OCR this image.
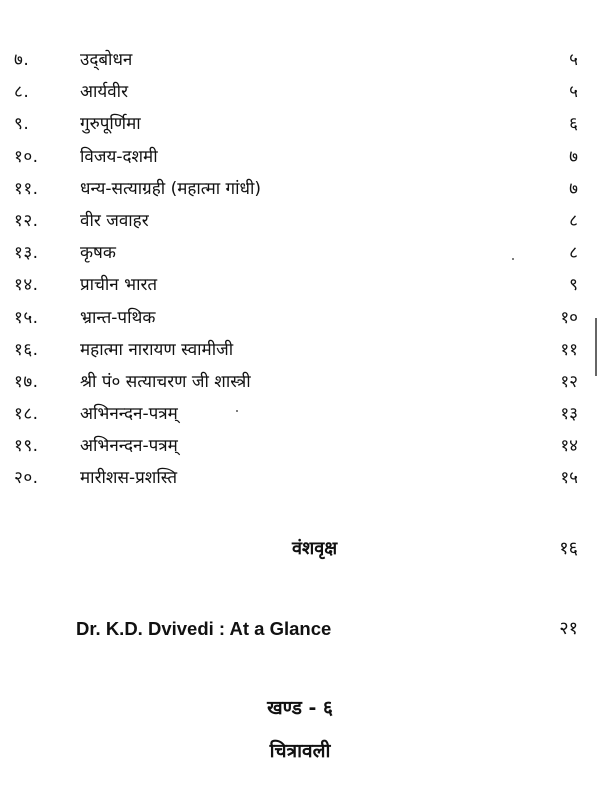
७.	उद्‌बोधन	५
८.	आर्यवीर	५
९.	गुरुपूर्णिमा	६
१०. विजय-दशमी	७
११. धन्य-सत्याग्रही (महात्मा गांधी)	७
१२. वीर जवाहर	८
१३. कृषक	८
१४. प्राचीन भारत	९
१५. भ्रान्त-पथिक	१०
१६. महात्मा नारायण स्वामीजी	११
१७. श्री पं० सत्याचरण जी शास्त्री	१२
१८. अभिनन्दन-पत्रम्	१३
१९. अभिनन्दन-पत्रम्	१४
२०. मारीशस-प्रशस्ति	१५
वंशवृक्ष	१६
Dr. K.D. Dvivedi : At a Glance	२१
खण्ड - ६
चित्रावली
